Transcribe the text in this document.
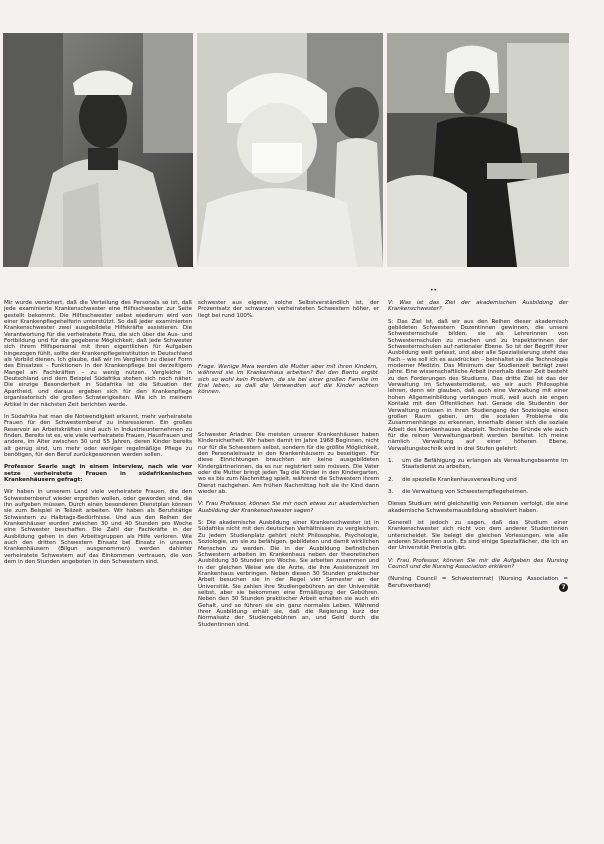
••

Mir wurde versichert, daß die Verteilung des Personals so ist, daß jede examinierte Krankenschwester eine Hilfsschwester zur Seite gestellt bekommt. Die Hilfsschwester selbst wiederum wird von einer Krankenpflegehelferin unterstützt. So daß jeder examinierten Krankenschwester zwei ausgebildete Hilfskräfte assistieren. Die Verantwortung für die verheiratete Frau, die sich über die Aus- und Fortbildung und für die gegebene Möglichkeit, daß jede Schwester sich ihrem Hilfspersonal mit ihren eigentlichen für Aufgaben hingezogen fühlt, sollte der Krankenpflegeinstitution in Deutschland als Vorbild dienen. Ich glaube, daß wir im Vergleich zu dieser Form des Einsatzes – Funktionen in der Krankenpflege bei derzeitigem Mangel an Fachkräften – zu wenig nutzen. Vergleiche in Deutschland und dem Beispiel Südafrika stehen sich noch näher. Die einzige Besonderheit in Südafrika ist die Situation der Apartheid, und daraus ergeben sich für den Krankenpflege organisatorisch die großen Schwierigkeiten. Wie ich in meinem Artikel in der nächsten Zeit berichten werde.

In Südafrika hat man die Notwendigkeit erkannt, mehr verheiratete Frauen für den Schwesternberuf zu interessieren. Ein großes Reservoir an Arbeitskräften sind auch in Industrieunternehmen zu finden. Bereits ist es, wie viele verheiratete Frauen, Hausfrauen und andere, im Alter zwischen 30 und 55 Jahren, deren Kinder bereits alt genug sind, um mehr oder weniger regelmäßige Pflege zu benötigen, für den Beruf zurückgewonnen werden sollen.

Professor Searle sagt in einem Interview, nach wie vor setze verheiratete Frauen in südafrikanischen Krankenhäusern gefragt:

Wir haben in unserem Land viele verheiratete Frauen, die den Schwesternberuf wieder ergreifen wollen, oder geworden sind, die ihn aufgeben müssen. Durch einen besonderen Dienstplan können sie zum Beispiel in Teilzeit arbeiten. Wir haben als Berufstätige Schwestern zu Halbtags-Bedürfnisse. Und aus den Reihen der Krankenhäuser wurden zwischen 30 und 40 Stunden pro Woche eine Schwester beschaffen. Die Zahl der Fachkräfte in der Ausbildung gehen in den Arbeitsgruppen als Hilfe verloren. Wie auch den dritten Schwestern Einsatz bei Einsatz in unseren Krankenhäusern (Bilgun ausgenommen) werden dahinter verheiratete Schwestern auf das Einkommen vertrauen, die von dem in den Stunden angeboten in den Schwestern sind.

schwester aus eigene, solche Selbstverständlich ist, der Prozentsatz der schwarzen verheirateten Schwestern höher, er liegt bei rund 100%.

Frage: Wenige Mwa werden die Mutter aber mit ihren Kindern, während sie im Krankenhaus arbeiten? Bei den Bantu ergibt sich so wohl kein Problem, da sie bei einer großen Familie im Kral leben, so daß die Verwandten auf die Kinder achten können.

Schwester Ariadne: Die meisten unserer Krankenhäuser haben Kindersicherheit. Wir haben damit im Jahre 1968 Beginnen, nicht nur für die Schwestern selbst, sondern für die größte Möglichkeit, den Personaleinsatz in den Krankenhäusern zu beseitigen. Für diese Einrichtungen brauchten wir keine ausgebildeten Kindergärtnerinnen, da es nur registriert sein müssen. Die Vater oder die Mutter bringt jeden Tag die Kinder in den Kindergarten, wo es bis zum Nachmittag spielt, während die Schwestern ihrem Dienst nachgehen. Am frühen Nachmittag holt sie ihr Kind dann wieder ab.

V: Frau Professor, können Sie mir noch etwas zur akademischen Ausbildung der Krankenschwester sagen?

S: Die akademische Ausbildung einer Krankenschwester ist in Südafrika nicht mit den deutschen Verhältnissen zu vergleichen. Zu jedem Studienplatz gehört nicht Philosophie, Psychologie, Soziologie, um sie zu befähigen, gebildeten und damit wirklichen Menschen zu werden. Die in der Ausbildung befindlichen Schwestern arbeiten im Krankenhaus neben der theoretischen Ausbildung 30 Stunden pro Woche. Sie arbeiten zusammen und in der gleichen Weise wie die Arzte, die ihre Assistenzzeit im Krankenhaus verbringen. Neben diesen 30 Stunden praktischer Arbeit besuchen sie in der Regel vier Semester an der Universität. Sie zahlen ihre Studiengebühren an der Universität selbst, aber sie bekommen eine Ermäßigung der Gebühren. Neben den 30 Stunden praktischer Arbeit erhalten sie auch ein Gehalt, und so führen sie ein ganz normales Leben. Während ihrer Ausbildung erhält sie, daß die Regierung kurz der Normalsatz der Studiengebühren an, und Geld durch die Studentinnen sind.

V: Was ist das Ziel der akademischen Ausbildung der Krankenschwester?

S: Das Ziel ist, daß wir aus den Reihen dieser akademisch gebildeten Schwestern Dozentinnen gewinnen, die unsere Schwesternschule bilden, sie als Lehrerinnen von Schwesternschulen zu machen und zu Inspektorinnen der Schwesternschulen auf nationaler Ebene. So ist der Begriff ihrer Ausbildung weit gefasst, und aber alle Spezialisierung steht das Fach – wie soll ich es ausdrücken – beinhaltet sie die Technologie moderner Medizin. Das Minimum der Studienzeit beträgt zwei Jahre. Eine wissenschaftliche Arbeit innerhalb dieser Zeit besteht zu den Forderungen des Studiums. Das dritte Ziel ist das der Verwaltung im Schwesterndienst, wo wir auch Philosophie lehren, denn wir glauben, daß auch eine Verwaltung mit einer hohen Allgemeinbildung verlangen muß, weil auch sie engen Kontakt mit den Öffentlichen hat. Gerade die Studentin der Verwaltung müssen in ihren Studiengang der Soziologie einen großen Raum geben, um die sozialen Probleme die Zusammenhänge zu erkennen, innerhalb dieser sich die soziale Arbeit des Krankenhauses abspielt. Technische Gründe wie auch für die reinen Verwaltungsarbeit werden bereitet. Ich meine nämlich Verwaltung auf einer höheren Ebene, Verwaltungstechnik wird in drei Stufen gelehrt:

1.	um die Befähigung zu erlangen als Verwaltungsbeamte im Staatsdienst zu arbeiten,
2.	die spezielle Krankenhausverwaltung und
3.	die Verwaltung von Schwesternpflegeheimen.

Dieses Studium wird gleichzeitig von Personen verfolgt, die eine akademische Schwesternausbildung absolviert haben.

Generell ist jedoch zu sagen, daß das Studium einer Krankenschwester sich nicht von dem anderer Studentinnen unterscheidet. Sie belegt die gleichen Vorlesungen, wie alle anderen Studenten auch. Es sind einige Spezialfächer, die ich an der Universität Pretoria gibt.

V: Frau Professor, können Sie mir die Aufgaben des Nursing Council und die Nursing Association erklären?

(Nursing Council = Schwesternrat) (Nursing Association = Berufsverband)	7
